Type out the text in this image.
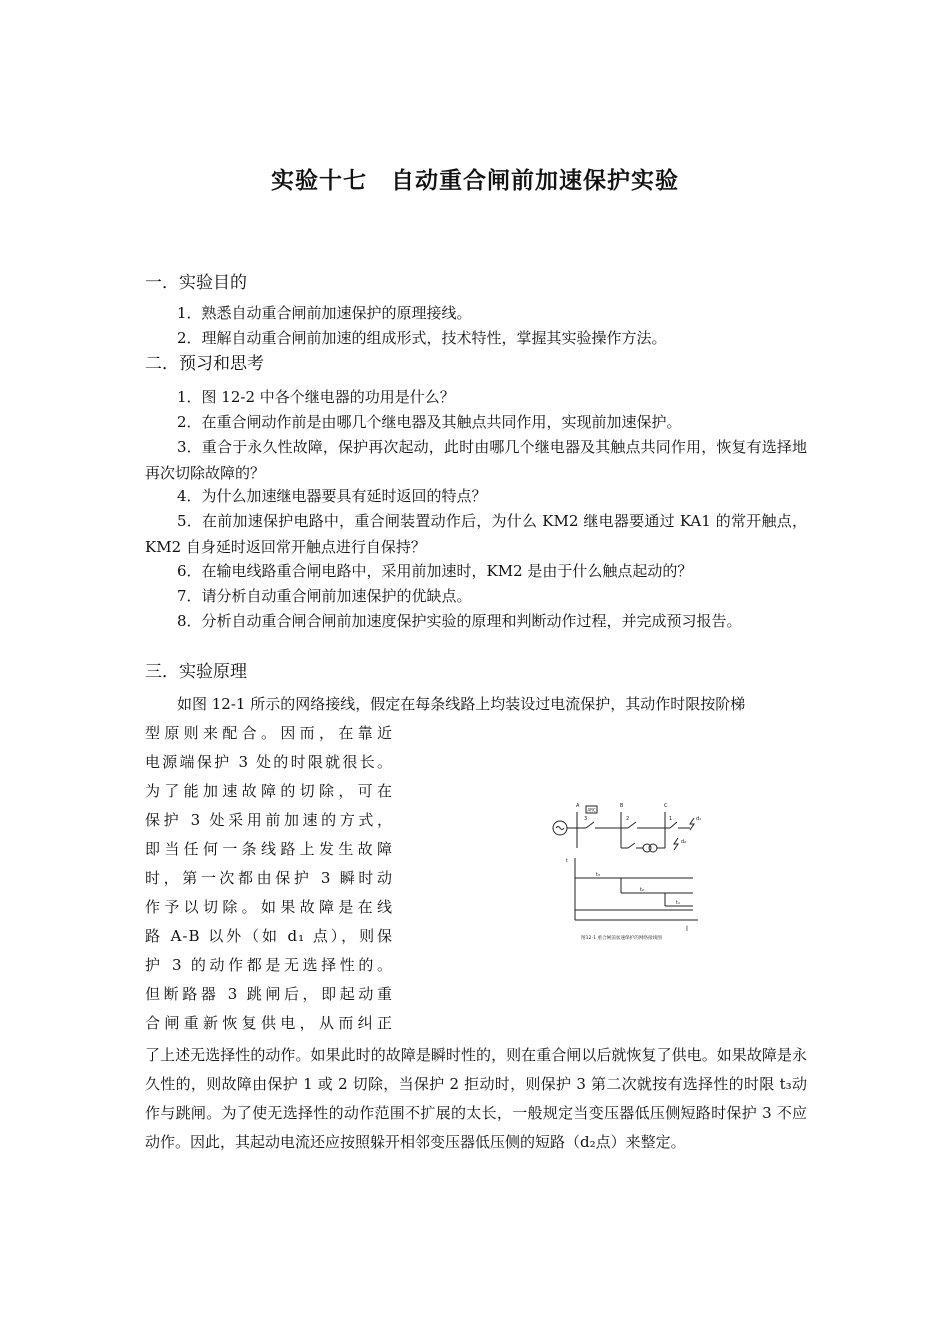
实验十七　自动重合闸前加速保护实验
一．实验目的

1．熟悉自动重合闸前加速保护的原理接线。

2．理解自动重合闸前加速的组成形式，技术特性，掌握其实验操作方法。

二．预习和思考

1．图 12-2 中各个继电器的功用是什么？

2．在重合闸动作前是由哪几个继电器及其触点共同作用，实现前加速保护。

3．重合于永久性故障，保护再次起动，此时由哪几个继电器及其触点共同作用，恢复有选择地再次切除故障的？

4．为什么加速继电器要具有延时返回的特点？

5．在前加速保护电路中，重合闸装置动作后，为什么 KM2 继电器要通过 KA1 的常开触点，KM2 自身延时返回常开触点进行自保持？

6．在输电线路重合闸电路中，采用前加速时，KM2 是由于什么触点起动的？

7．请分析自动重合闸前加速保护的优缺点。

8．分析自动重合闸合闸前加速度保护实验的原理和判断动作过程，并完成预习报告。

三．实验原理

如图 12-1 所示的网络接线，假定在每条线路上均装设过电流保护，其动作时限按阶梯

型原则来配合。因而，在靠近
电源端保护 3 处的时限就很长。
为了能加速故障的切除，可在
保护 3 处采用前加速的方式，
即当任何一条线路上发生故障
时，第一次都由保护 3 瞬时动
作予以切除。如果故障是在线
路 A-B 以外（如 d₁ 点），则保
护 3 的动作都是无选择性的。
但断路器 3 跳闸后，即起动重
合闸重新恢复供电，从而纠正

了上述无选择性的动作。如果此时的故障是瞬时性的，则在重合闸以后就恢复了供电。如果故障是永久性的，则故障由保护 1 或 2 切除，当保护 2 拒动时，则保护 3 第二次就按有选择性的时限 t₃动作与跳闸。为了使无选择性的动作范围不扩展的太长，一般规定当变压器低压侧短路时保护 3 不应动作。因此，其起动电流还应按照躲开相邻变压器低压侧的短路（d₂点）来整定。

A	B	C
ARC
3	2	1	d₁
d₂
t
t₃
t₂
t₁
l
图12-1 重合闸前加速保护的网络接线图
